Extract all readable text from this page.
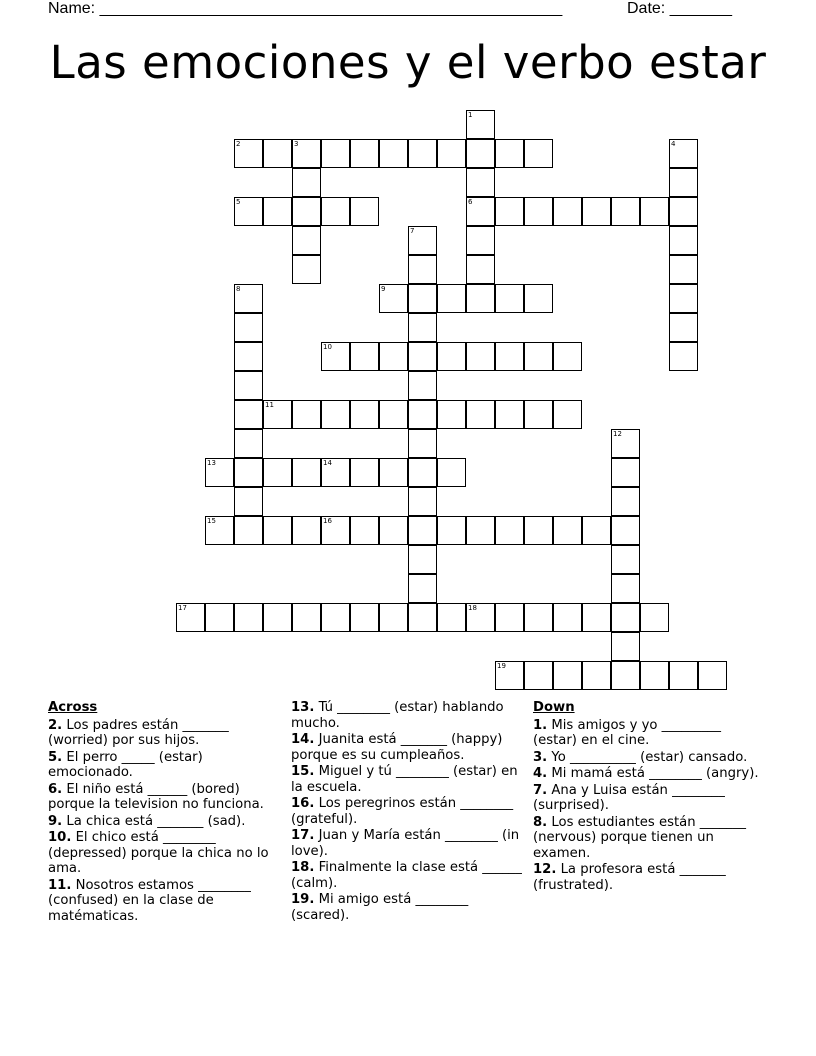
Name: ____________________________________________________	Date: _______
Las emociones y el verbo estar
1
6
2	3	4
5
7
8	9
10
11
12
13	14
15	16
17	18
19
Across
2. Los padres están _______ (worried) por sus hijos.
5. El perro _____ (estar) emocionado.
6. El niño está ______ (bored) porque la television no funciona.
9. La chica está _______ (sad).
10. El chico está ________ (depressed) porque la chica no lo ama.
11. Nosotros estamos ________ (confused) en la clase de matématicas.
13. Tú ________ (estar) hablando mucho.
14. Juanita está _______ (happy) porque es su cumpleaños.
15. Miguel y tú ________ (estar) en la escuela.
16. Los peregrinos están ________ (grateful).
17. Juan y María están ________ (in love).
18. Finalmente la clase está ______ (calm).
19. Mi amigo está ________ (scared).
Down
1. Mis amigos y yo _________ (estar) en el cine.
3. Yo __________ (estar) cansado.
4. Mi mamá está ________ (angry).
7. Ana y Luisa están ________ (surprised).
8. Los estudiantes están _______ (nervous) porque tienen un examen.
12. La profesora está _______ (frustrated).
